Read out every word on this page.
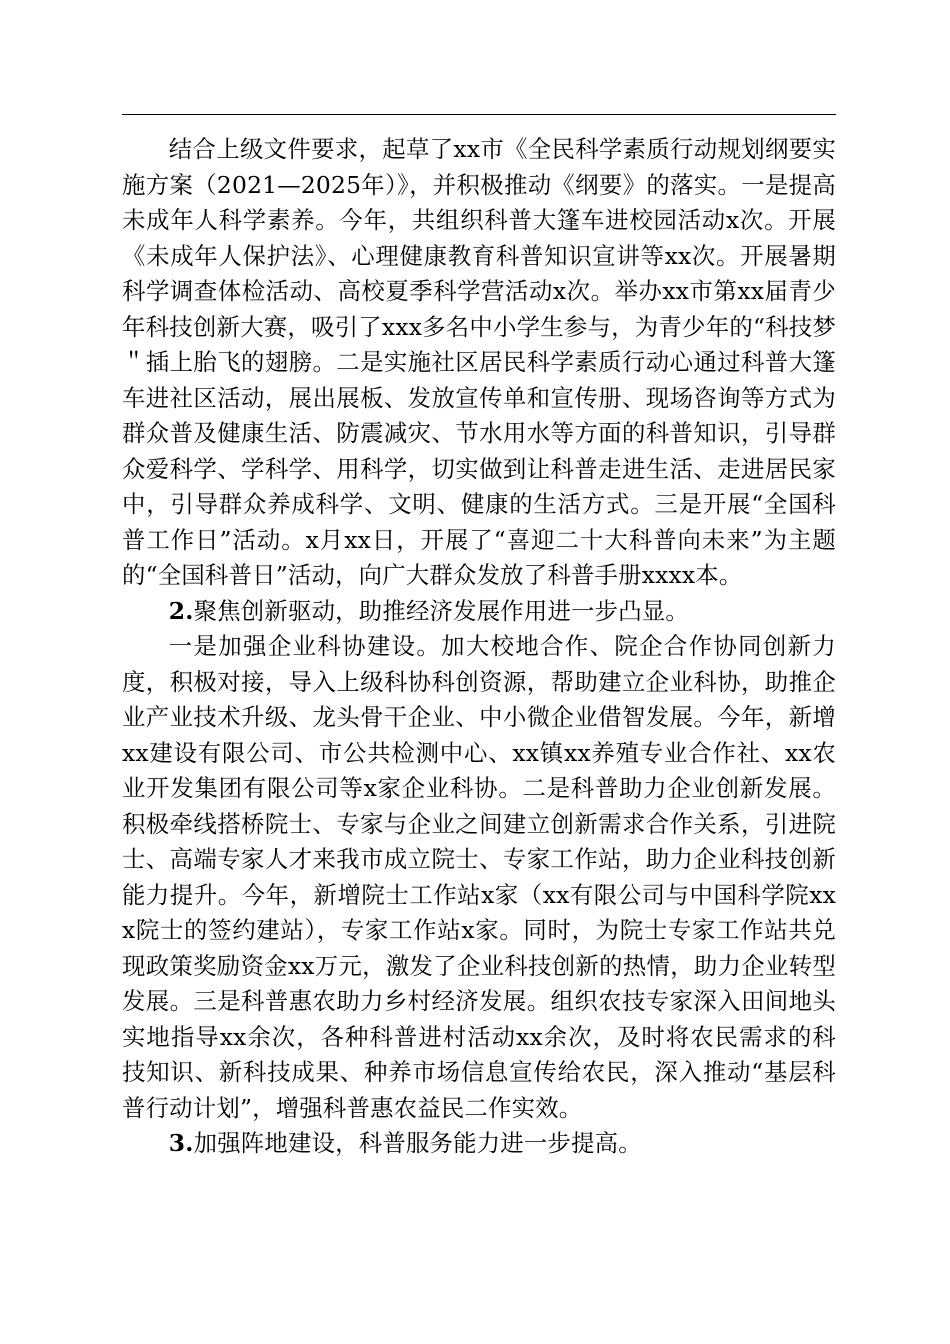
结合上级文件要求，起草了xx市《全民科学素质行动规划纲要实施方案（2021—2025年）》，并积极推动《纲要》的落实。一是提高未成年人科学素养。今年，共组织科普大篷车进校园活动x次。开展《未成年人保护法》、心理健康教育科普知识宣讲等xx次。开展暑期科学调查体检活动、高校夏季科学营活动x次。举办xx市第xx届青少年科技创新大赛，吸引了xxx多名中小学生参与，为青少年的“科技梦＂插上胎飞的翅膀。二是实施社区居民科学素质行动心通过科普大篷车进社区活动，展出展板、发放宣传单和宣传册、现场咨询等方式为群众普及健康生活、防震减灾、节水用水等方面的科普知识，引导群众爱科学、学科学、用科学，切实做到让科普走进生活、走进居民家中，引导群众养成科学、文明、健康的生活方式。三是开展“全国科普工作日”活动。x月xx日，开展了“喜迎二十大科普向未来”为主题的“全国科普日”活动，向广大群众发放了科普手册xxxx本。

2.聚焦创新驱动，助推经济发展作用进一步凸显。

一是加强企业科协建设。加大校地合作、院企合作协同创新力度，积极对接，导入上级科协科创资源，帮助建立企业科协，助推企业产业技术升级、龙头骨干企业、中小微企业借智发展。今年，新增xx建设有限公司、市公共检测中心、xx镇xx养殖专业合作社、xx农业开发集团有限公司等x家企业科协。二是科普助力企业创新发展。积极牵线搭桥院士、专家与企业之间建立创新需求合作关系，引进院士、高端专家人才来我市成立院士、专家工作站，助力企业科技创新能力提升。今年，新增院士工作站x家（xx有限公司与中国科学院xxx院士的签约建站），专家工作站x家。同时，为院士专家工作站共兑现政策奖励资金xx万元，激发了企业科技创新的热情，助力企业转型发展。三是科普惠农助力乡村经济发展。组织农技专家深入田间地头实地指导xx余次，各种科普进村活动xx余次，及时将农民需求的科技知识、新科技成果、种养市场信息宣传给农民，深入推动“基层科普行动计划”，增强科普惠农益民二作实效。

3.加强阵地建设，科普服务能力进一步提高。
